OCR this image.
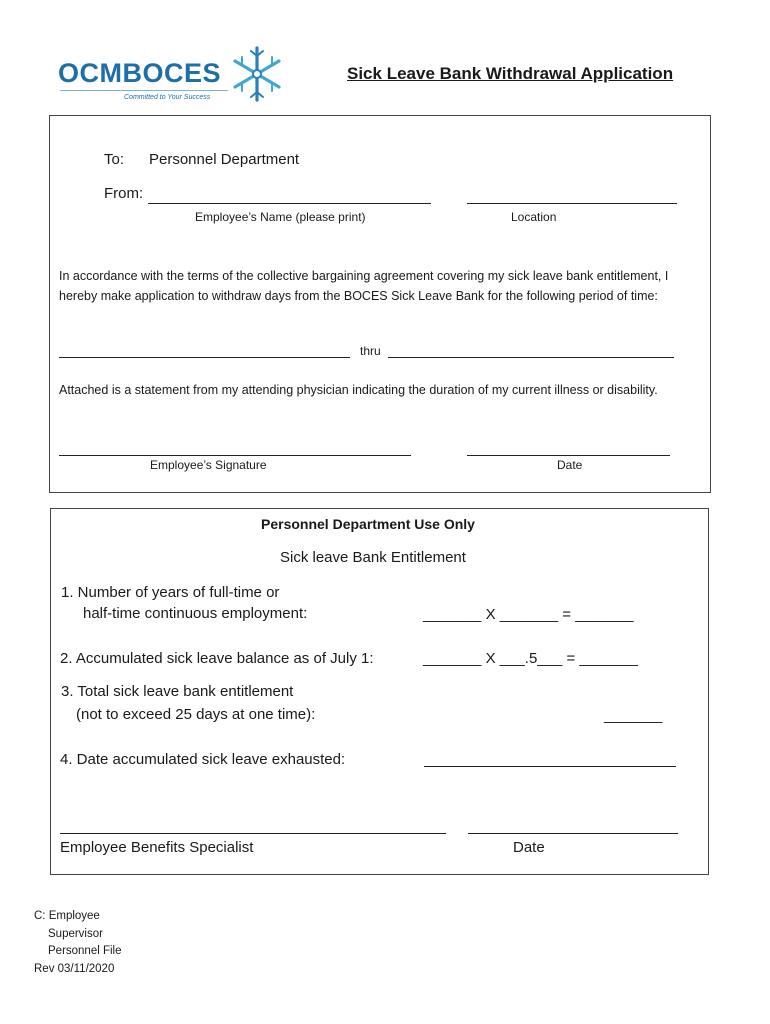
OCMBOCES
Committed to Your Success
Sick Leave Bank Withdrawal Application
To: Personnel Department
From:
Employee’s Name (please print)	Location
In accordance with the terms of the collective bargaining agreement covering my sick leave bank entitlement, I hereby make application to withdraw days from the BOCES Sick Leave Bank for the following period of time:
thru
Attached is a statement from my attending physician indicating the duration of my current illness or disability.
Employee’s Signature	Date
Personnel Department Use Only
Sick leave Bank Entitlement
1. Number of years of full-time or
half-time continuous employment:	_______ X _______ = _______
2. Accumulated sick leave balance as of July 1:	_______ X ___.5___ = _______
3. Total sick leave bank entitlement
(not to exceed 25 days at one time):	_______
4. Date accumulated sick leave exhausted:
Employee Benefits Specialist	Date
C: Employee
Supervisor
Personnel File
Rev 03/11/2020
